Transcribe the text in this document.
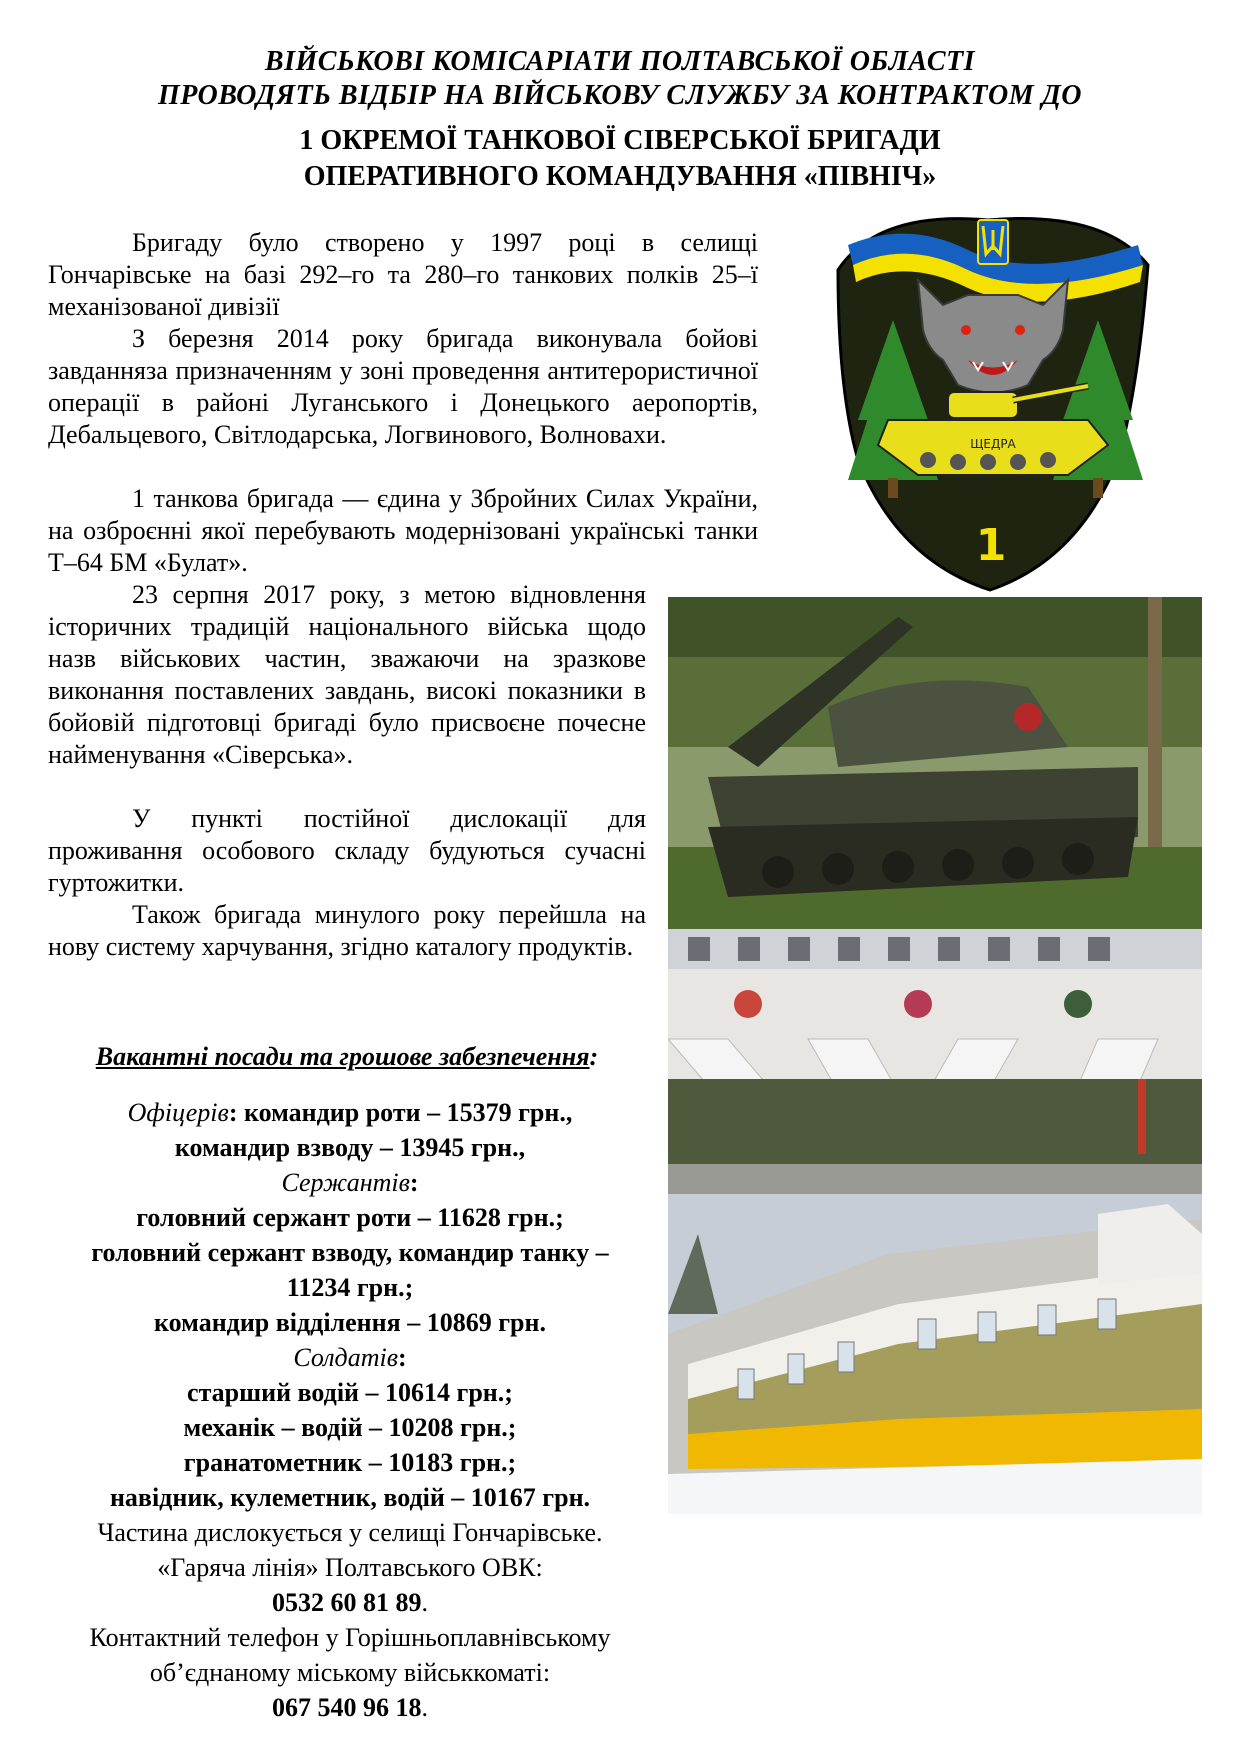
ВІЙСЬКОВІ КОМІСАРІАТИ ПОЛТАВСЬКОЇ ОБЛАСТІ
ПРОВОДЯТЬ ВІДБІР НА ВІЙСЬКОВУ СЛУЖБУ ЗА КОНТРАКТОМ ДО
1 ОКРЕМОЇ ТАНКОВОЇ СІВЕРСЬКОЇ БРИГАДИ
ОПЕРАТИВНОГО КОМАНДУВАННЯ «ПІВНІЧ»
ЩЕДРА
1
Бригаду було створено у 1997 році в селищі Гончарівське на базі 292–го та 280–го танкових полків 25–ї механізованої дивізії
З березня 2014 року бригада виконувала бойові завданняза призначенням у зоні проведення антитерористичної операції в районі Луганського і Донецького аеропортів, Дебальцевого, Світлодарська, Логвинового, Волновахи.
1 танкова бригада — єдина у Збройних Силах України, на озброєнні якої перебувають модернізовані українські танки Т–64 БМ «Булат».
23 серпня 2017 року, з метою відновлення історичних традицій національного війська щодо назв військових частин, зважаючи на зразкове виконання поставлених завдань, високі показники в бойовій підготовці бригаді було присвоєне почесне найменування «Сіверська».
У пункті постійної дислокації для проживання особового складу будуються сучасні гуртожитки.
Також бригада минулого року перейшла на нову систему харчування, згідно каталогу продуктів.
Вакантні посади та грошове забезпечення:
Офіцерів: командир роти – 15379 грн.,
командир взводу – 13945 грн.,
Сержантів:
головний сержант роти – 11628 грн.;
головний сержант взводу, командир танку –
11234 грн.;
командир відділення – 10869 грн.
Солдатів:
старший водій – 10614 грн.;
механік – водій – 10208 грн.;
гранатометник – 10183 грн.;
навідник, кулеметник, водій – 10167 грн.
Частина дислокується у селищі Гончарівське.
«Гаряча лінія» Полтавського ОВК:
0532 60 81 89.
Контактний телефон у Горішньоплавнівському
об’єднаному міському військкоматі:
067 540 96 18.
